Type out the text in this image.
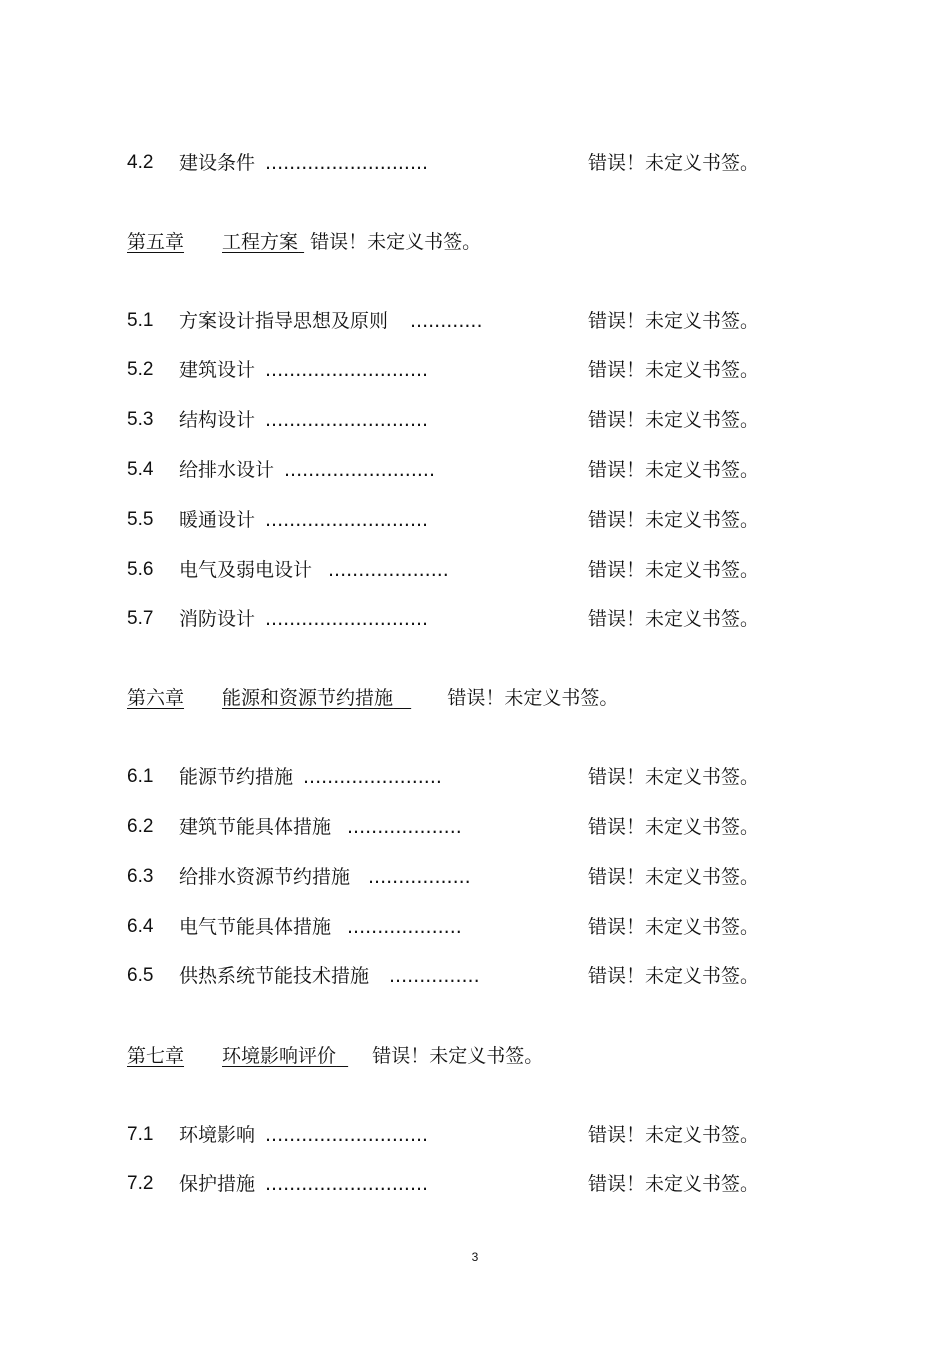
4.2 建设条件 ...........................	错误！未定义书签。
第五章 工程方案 错误！未定义书签。
5.1 方案设计指导思想及原则 ............	错误！未定义书签。
5.2 建筑设计 ...........................	错误！未定义书签。
5.3 结构设计 ...........................	错误！未定义书签。
5.4 给排水设计 .........................	错误！未定义书签。
5.5 暖通设计 ...........................	错误！未定义书签。
5.6 电气及弱电设计 ....................	错误！未定义书签。
5.7 消防设计 ...........................	错误！未定义书签。
第六章 能源和资源节约措施	错误！未定义书签。
6.1 能源节约措施 .......................	错误！未定义书签。
6.2 建筑节能具体措施 ...................	错误！未定义书签。
6.3 给排水资源节约措施 .................	错误！未定义书签。
6.4 电气节能具体措施 ...................	错误！未定义书签。
6.5 供热系统节能技术措施 ...............	错误！未定义书签。
第七章 环境影响评价 错误！未定义书签。
7.1 环境影响 ...........................	错误！未定义书签。
7.2 保护措施 ...........................	错误！未定义书签。
3
